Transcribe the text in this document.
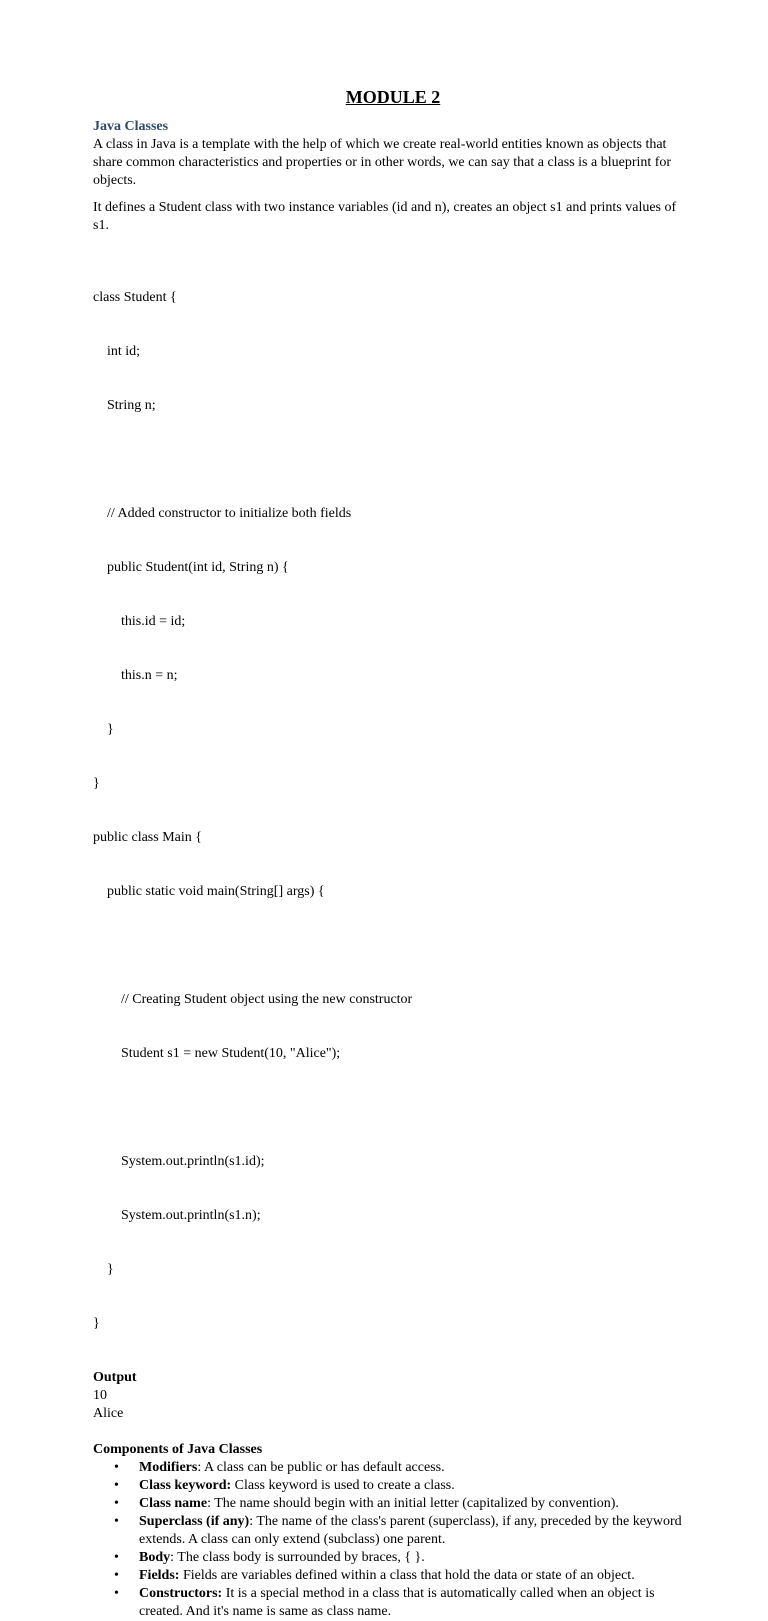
MODULE 2
Java Classes

A class in Java is a template with the help of which we create real-world entities known as objects that share common characteristics and properties or in other words, we can say that a class is a blueprint for objects.

It defines a Student class with two instance variables (id and n), creates an object s1 and prints values of s1.

class Student {

int id;

String n;

// Added constructor to initialize both fields

public Student(int id, String n) {

this.id = id;

this.n = n;

}

}

public class Main {

public static void main(String[] args) {

// Creating Student object using the new constructor

Student s1 = new Student(10, "Alice");

System.out.println(s1.id);

System.out.println(s1.n);

}

}

Output
10
Alice
Components of Java Classes
• Modifiers: A class can be public or has default access.
• Class keyword: Class keyword is used to create a class.
• Class name: The name should begin with an initial letter (capitalized by convention).
• Superclass (if any): The name of the class's parent (superclass), if any, preceded by the keyword extends. A class can only extend (subclass) one parent.
• Body: The class body is surrounded by braces, { }.
• Fields: Fields are variables defined within a class that hold the data or state of an object.
• Constructors: It is a special method in a class that is automatically called when an object is created. And it's name is same as class name.
